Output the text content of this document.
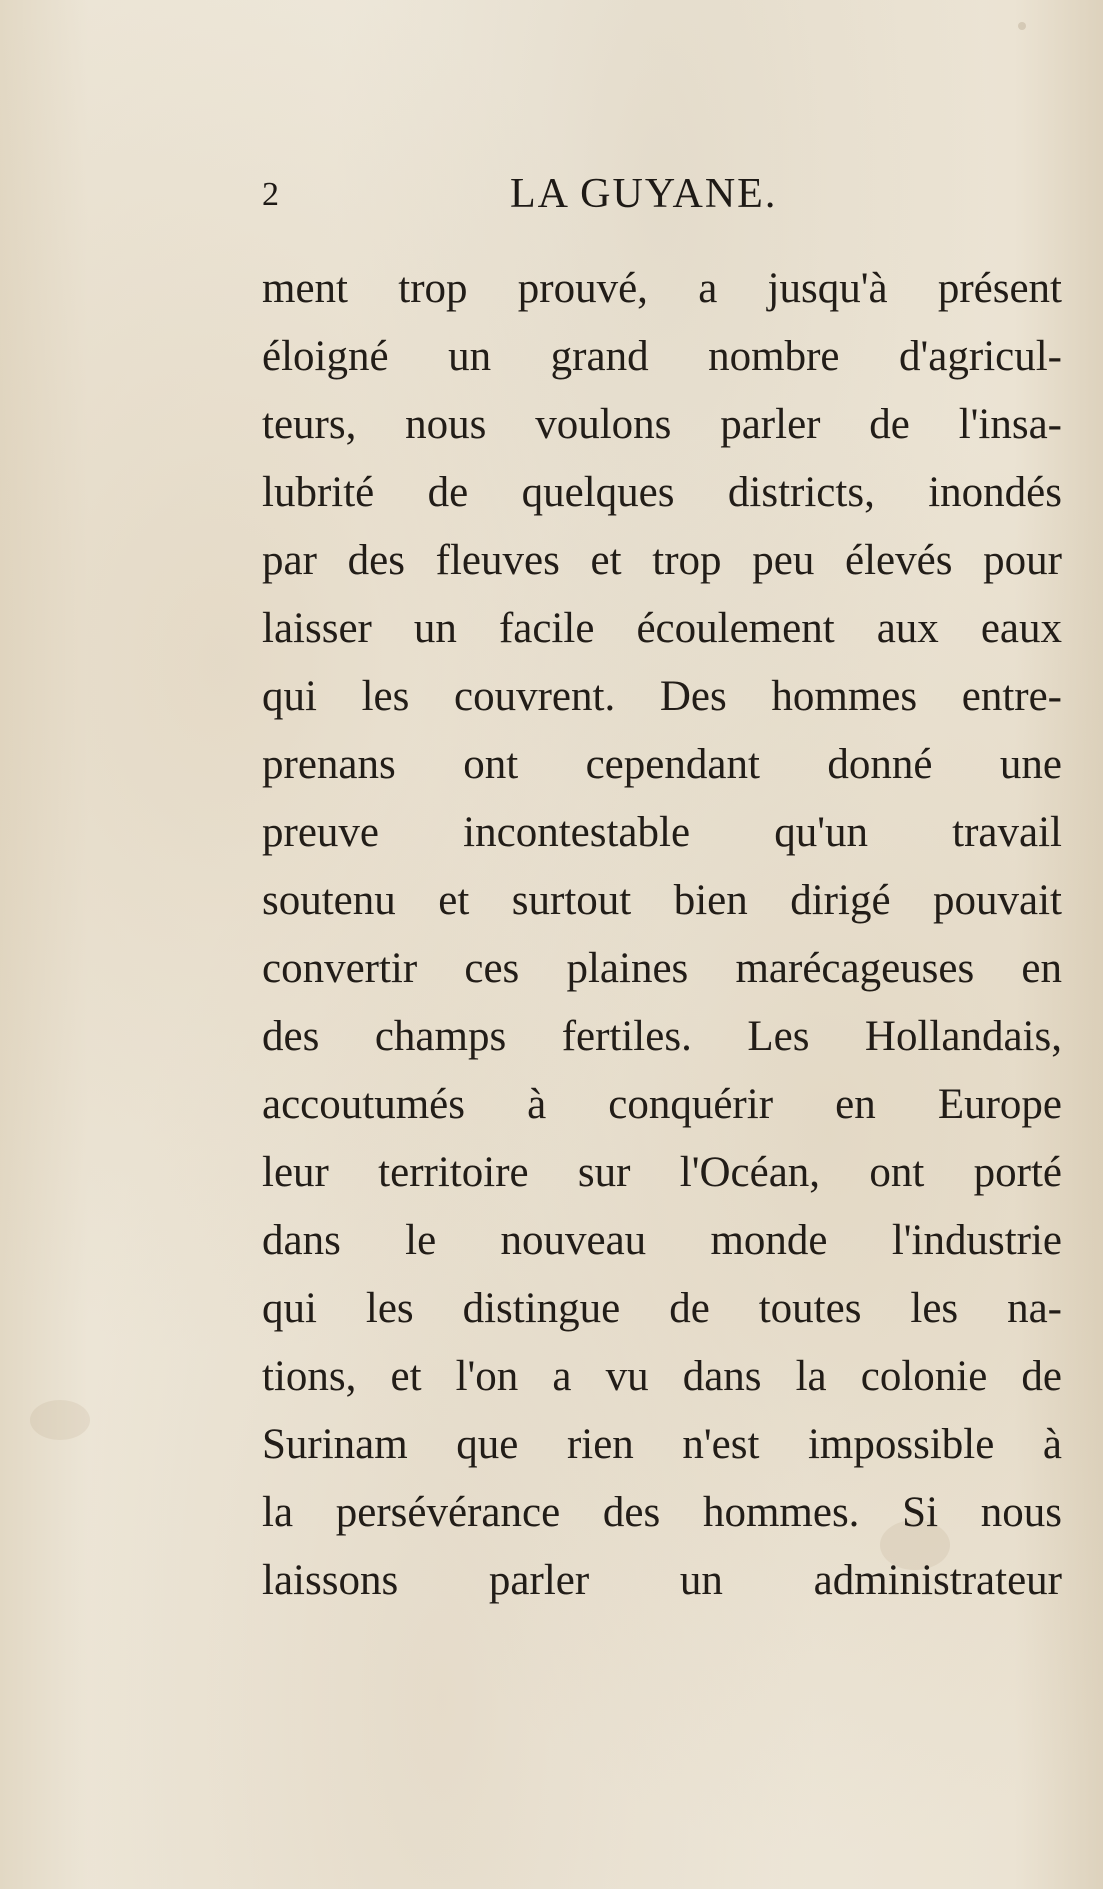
2	LA GUYANE.
ment trop prouvé, a jusqu'à présent
éloigné un grand nombre d'agricul-
teurs, nous voulons parler de l'insa-
lubrité de quelques districts, inondés
par des fleuves et trop peu élevés pour
laisser un facile écoulement aux eaux
qui les couvrent. Des hommes entre-
prenans ont cependant donné une
preuve incontestable qu'un travail
soutenu et surtout bien dirigé pouvait
convertir ces plaines marécageuses en
des champs fertiles. Les Hollandais,
accoutumés à conquérir en Europe
leur territoire sur l'Océan, ont porté
dans le nouveau monde l'industrie
qui les distingue de toutes les na-
tions, et l'on a vu dans la colonie de
Surinam que rien n'est impossible à
la persévérance des hommes. Si nous
laissons parler un administrateur
